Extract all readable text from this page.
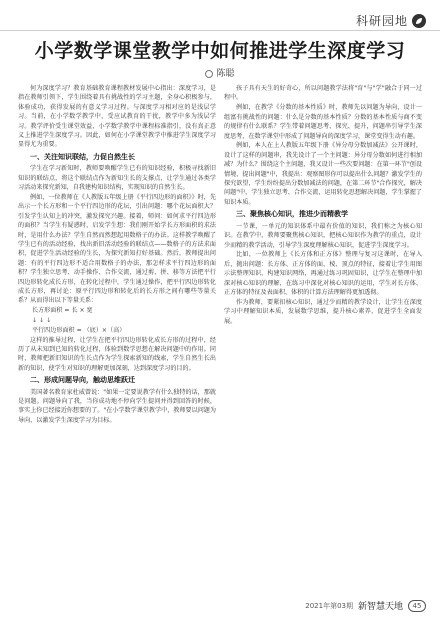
科研园地
小学数学课堂教学中如何推进学生深度学习
陈聪

何为深度学习？教育基础教育课程教材发展中心指出：深度学习，是指在教师引领下，学生围绕着具有挑战性的学习主题，全身心积极参与，体验成功，获得发展的有意义学习过程。与深度学习相对应的是浅层学习。当前，在小学数学教学中，受应试教育的干扰，教学中多为浅层学习。教学评价受生课堂效益，小学数学教学中课程标准指引，没有真正意义上推进学生深度学习。因此，如何在小学课堂教学中推进学生深度学习显得尤为重要。

一、关注知识联结，力促自然生长

学生在学习新知时，教师要唤醒学生已有的知识经验，积极寻找新旧知识的联结点，将这个联结点作为新知生长的支撑点，让学生通过各类学习活动来探究新知，自我建构知识结构，实现知识的自然生长。

例如，一位教师在《人教版五年级上册《平行四边形的面积》》时，先出示一个长方形和一个平行四边形的花坛，引出问题：哪个花坛面积大？引发学生认知上的冲突，激发探究兴趣。接着，师问：如何求平行四边形的面积？当学生有疑惑时，启发学生想：我们刚开始学长方形面积的求法时，是用什么办法？学生自然而然想起用数格子的办法。这样教学唤醒了学生已有的活动经验，找出新旧活动经验的联结点——数格子的方法求面积，促进学生活动经验的生长，为探究新知打好基础。然后，教师提出问题：有的平行四边形不适合用数格子的办法，那怎样求平行四边形的面积？学生独立思考、动手操作、合作交流，通过剪、拼、移等方法把平行四边形转化成长方形，在转化过程中，学生通过操作，把平行四边形转化成长方形，再讨论：原平行四边形和转化后的长方形之间有哪些等量关系？从而得出以下等量关系：

长方形面积 = 长 × 宽

↓ ↓ ↓

平行四边形面积 = （底）×（高）

这样的推导过程，让学生在把平行四边形转化成长方形的过程中，经历了从未知到已知的转化过程，体验到数学思想在解决问题中的作用。同时，教师把新旧知识的生长点作为学生探索新知的线索，学生自然生长出新的知识，使学生对知识的理解更加深刻，达到深度学习的目的。

二、形成问题导向，触动思维跃迁

美国著名教育家杜威曾说："如果一定要说教学有什么独特的话，那就是问题。问题导向了我，当你成功地不停向学生提问并得到回答的时候，事实上你已经接近你想要的了。"在小学数学课堂教学中，教师要以问题为导向，以激发学生深度学习为目标。

孩子具有天生的好奇心，所以问题教学法将"育"与"学"融合于同一过程中。

例如，在教学《分数的基本性质》时，教师先以问题为导向，设计一组富有挑战性的问题：什么是分数的基本性质？分数的基本性质与商不变的规律有什么联系？学生带着问题思考、探究、提升，问题串引导学生深度思考，在数学课堂中形成了问题导向的深度学习，课堂变得生动有趣。

例如，本人在上人教版五年级下册《异分母分数加减法》公开课时，设计了这样的问题串，我先设计了一个主问题：异分母分数如何进行相加减？为什么？围绕这个主问题，我又设计一些次要问题：在第一环节"创设情境，提出问题"中，我提出：观察图形你可以提出什么问题？激发学生的探究欲望，学生纷纷提出分数加减法的问题，在第二环节"合作探究，解决问题"中，学生独立思考、合作交流，运用转化思想解决问题，学生掌握了知识本质。

三、聚焦核心知识，推进少而精教学

一节课，一单元的知识体系中最有价值的知识，我们称之为核心知识。在教学中，教师要聚焦核心知识，把核心知识作为教学的重点，设计少而精的教学活动，引导学生深度理解核心知识，促进学生深度学习。

比如，一位教师上《长方体和正方体》整理与复习这课时，在导入后，抛出问题：长方体、正方体的面、棱、顶点的特征，接着让学生用图示法整理知识，构建知识网络，再通过练习巩固知识，让学生在整理中加深对核心知识的理解，在练习中深化对核心知识的运用，学生对长方体、正方体的特征及表面积、体积的计算方法理解得更加透彻。

作为教师，要紧扣核心知识，通过少而精的教学设计，让学生在深度学习中理解知识本质，发展数学思维，提升核心素养，促进学生全面发展。

2021年第03期 新智慧天地	45
